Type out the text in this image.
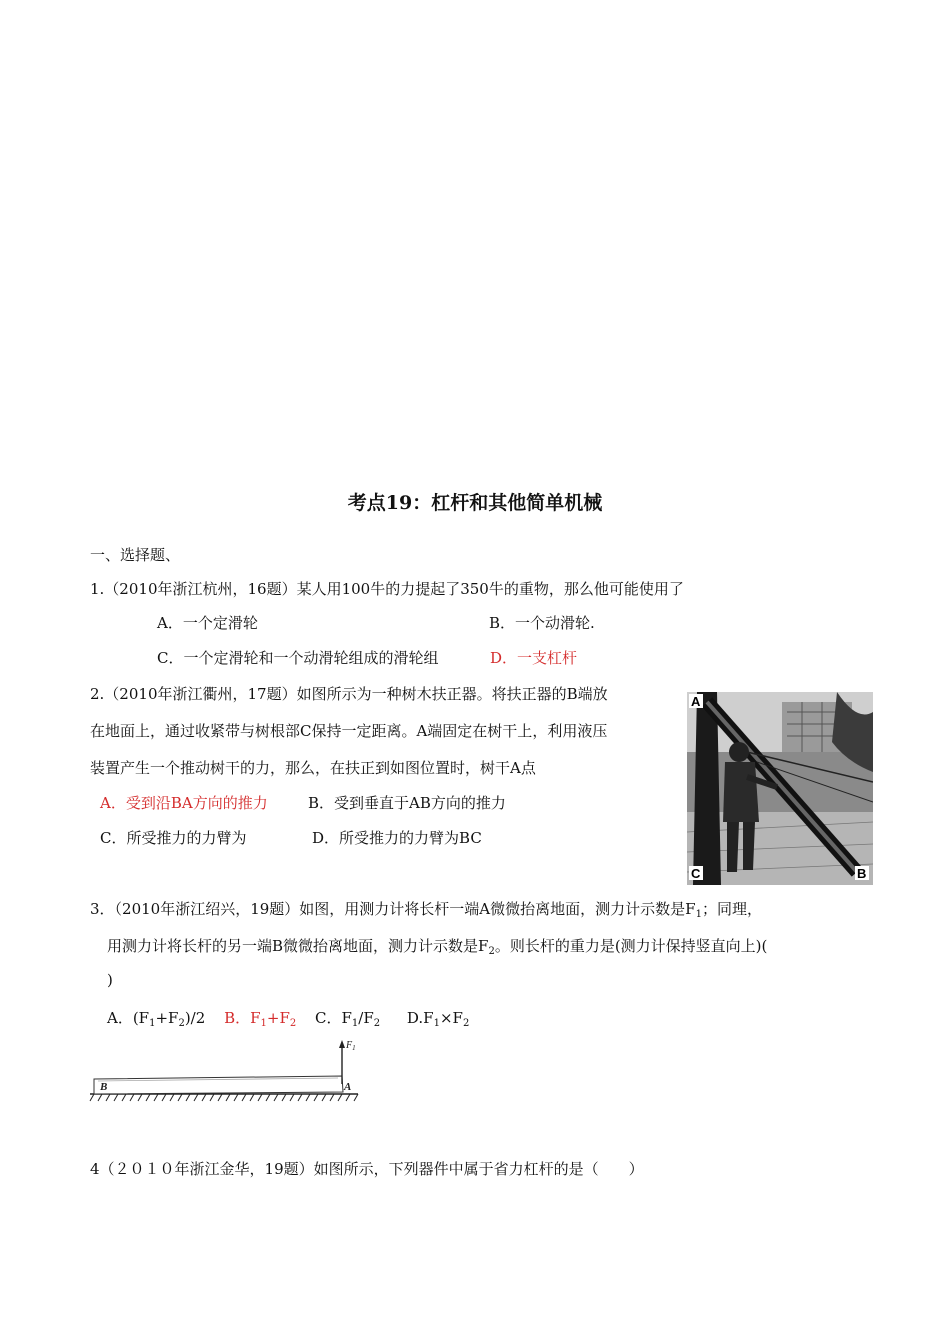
考点19：杠杆和其他简单机械
一、选择题、
1.（2010年浙江杭州，16题）某人用100牛的力提起了350牛的重物，那么他可能使用了
A．一个定滑轮	B．一个动滑轮.
C．一个定滑轮和一个动滑轮组成的滑轮组	D．一支杠杆
2.（2010年浙江衢州，17题）如图所示为一种树木扶正器。将扶正器的B端放
在地面上，通过收紧带与树根部C保持一定距离。A端固定在树干上，利用液压
装置产生一个推动树干的力，那么，在扶正到如图位置时，树干A点
A．受到沿BA方向的推力	B．受到垂直于AB方向的推力
C．所受推力的力臂为	D．所受推力的力臂为BC
A
C	B
3．（2010年浙江绍兴，19题）如图，用测力计将长杆一端A微微抬离地面，测力计示数是$F_1$；同理，
用测力计将长杆的另一端B微微抬离地面，测力计示数是$F_2$。则长杆的重力是(测力计保持竖直向上)(
)
A．$(F_1+F_2)/2$ B．$F_1+F_2$ C．$F_1/F_2$ $D.F_1\times F_2$
$F_1$
B	A
4（２０１０年浙江金华，19题）如图所示，下列器件中属于省力杠杆的是（　　）
